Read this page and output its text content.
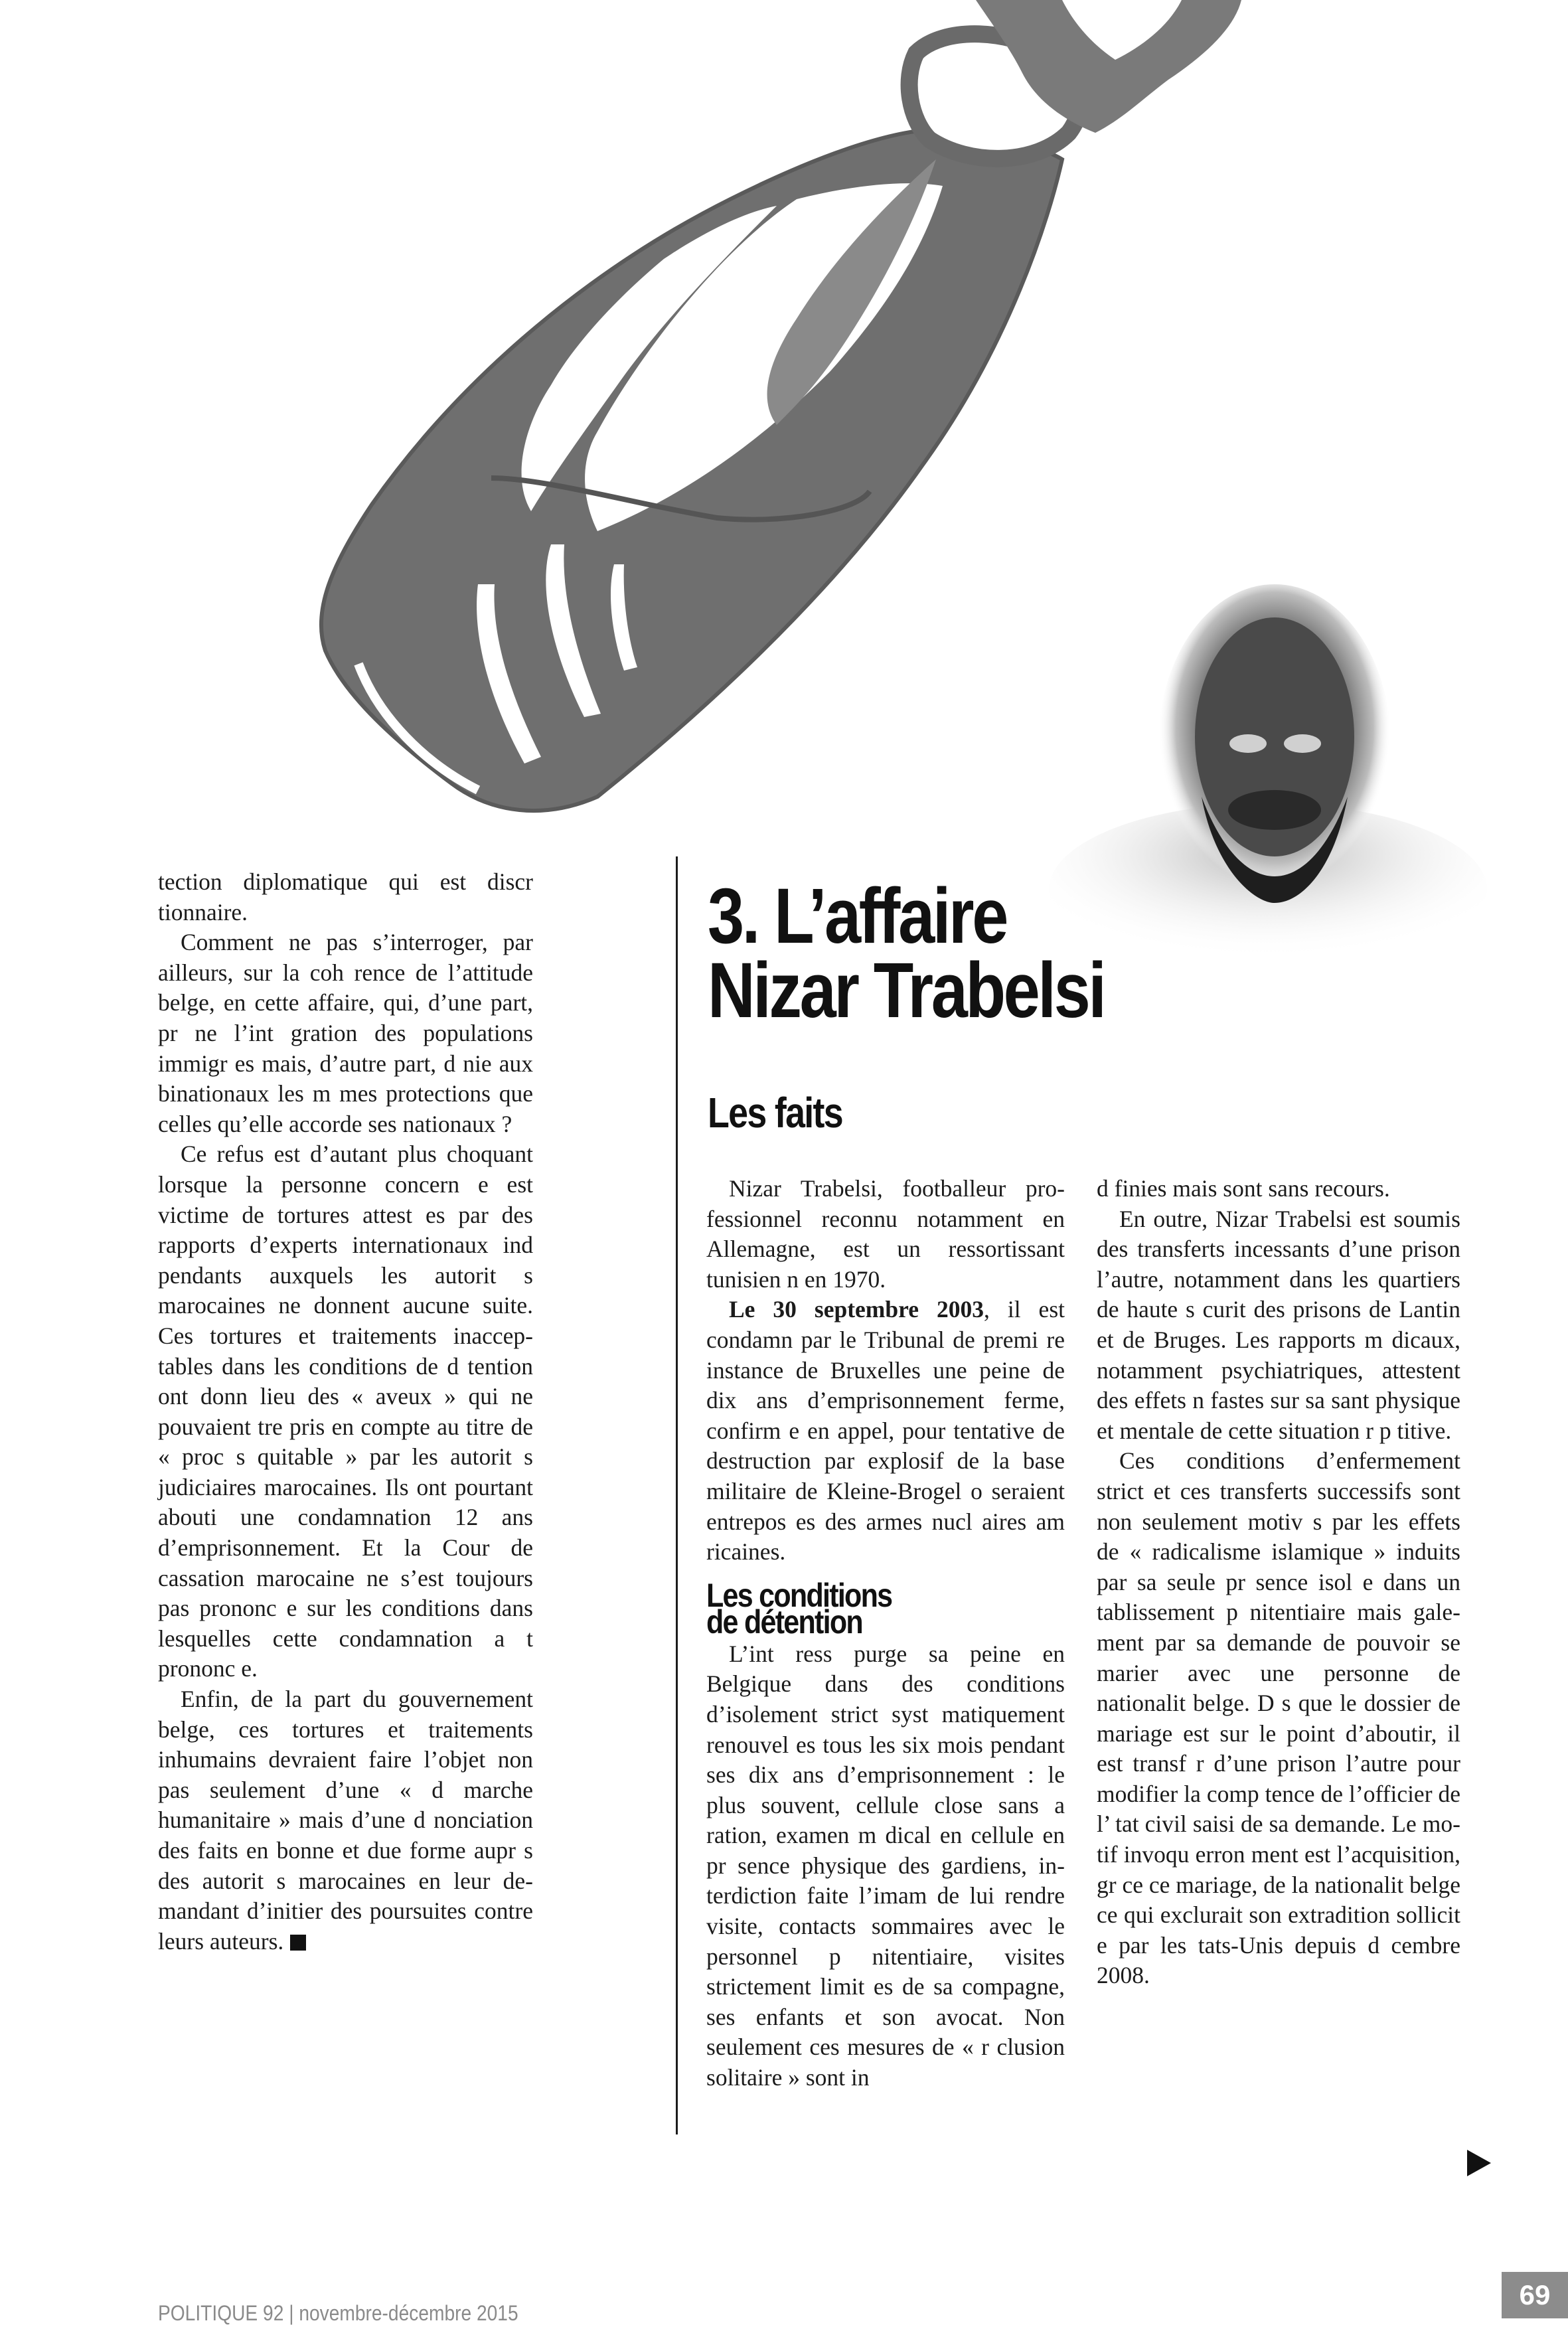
tection diplomatique qui est discr tionnaire.

Comment ne pas s’interroger, par ailleurs, sur la coh rence de l’attitude belge, en cette affaire, qui, d’une part, pr ne l’int gration des populations immigr es mais, d’autre part, d nie aux binationaux les m mes protections que celles qu’elle accorde ses nationaux ?

Ce refus est d’autant plus choquant lorsque la personne concern e est victime de tortures attest es par des rapports d’experts internationaux ind pendants auxquels les autorit s marocaines ne donnent aucune suite. Ces tortures et traitements inacceptables dans les conditions de d tention ont donn lieu des « aveux » qui ne pouvaient tre pris en compte au titre de « proc s quitable » par les autorit s judiciaires marocaines. Ils ont pourtant abouti une condamnation 12 ans d’emprisonnement. Et la Cour de cassation marocaine ne s’est toujours pas prononc e sur les conditions dans lesquelles cette condamnation a t prononc e.

Enfin, de la part du gouvernement belge, ces tortures et traitements inhumains devraient faire l’objet non pas seulement d’une « d marche humanitaire » mais d’une d nonciation des faits en bonne et due forme aupr s des autorit s marocaines en leur demandant d’initier des poursuites contre leurs auteurs.

3. L’affaire
Nizar Trabelsi
Les faits

Nizar Trabelsi, footballeur professionnel reconnu notamment en Allemagne, est un ressortissant tunisien n en 1970.

Le 30 septembre 2003, il est condamn par le Tribunal de premi re instance de Bruxelles une peine de dix ans d’emprisonnement ferme, confirm e en appel, pour tentative de destruction par explosif de la base militaire de Kleine-Brogel o seraient entrepos es des armes nucl aires am ricaines.

Les conditions
de détention

L’int ress purge sa peine en Belgique dans des conditions d’isolement strict syst matiquement renouvel es tous les six mois pendant ses dix ans d’emprisonnement : le plus souvent, cellule close sans a ration, examen m dical en cellule en pr sence physique des gardiens, interdiction faite l’imam de lui rendre visite, contacts sommaires avec le personnel p nitentiaire, visites strictement limit es de sa compagne, ses enfants et son avocat. Non seulement ces mesures de « r clusion solitaire » sont in

d finies mais sont sans recours.

En outre, Nizar Trabelsi est soumis des transferts incessants d’une prison l’autre, notamment dans les quartiers de haute s curit des prisons de Lantin et de Bruges. Les rapports m dicaux, notamment psychiatriques, attestent des effets n fastes sur sa sant physique et mentale de cette situation r p titive.

Ces conditions d’enfermement strict et ces transferts successifs sont non seulement motiv s par les effets de « radicalisme islamique » induits par sa seule pr sence isol e dans un tablissement p nitentiaire mais galement par sa demande de pouvoir se marier avec une personne de nationalit belge. D s que le dossier de mariage est sur le point d’aboutir, il est transf r d’une prison l’autre pour modifier la comp tence de l’officier de l’ tat civil saisi de sa demande. Le motif invoqu erron ment est l’acquisition, gr ce ce mariage, de la nationalit belge ce qui exclurait son extradition sollicit e par les tats-Unis depuis d cembre 2008.

POLITIQUE 92 | novembre-décembre 2015
69
